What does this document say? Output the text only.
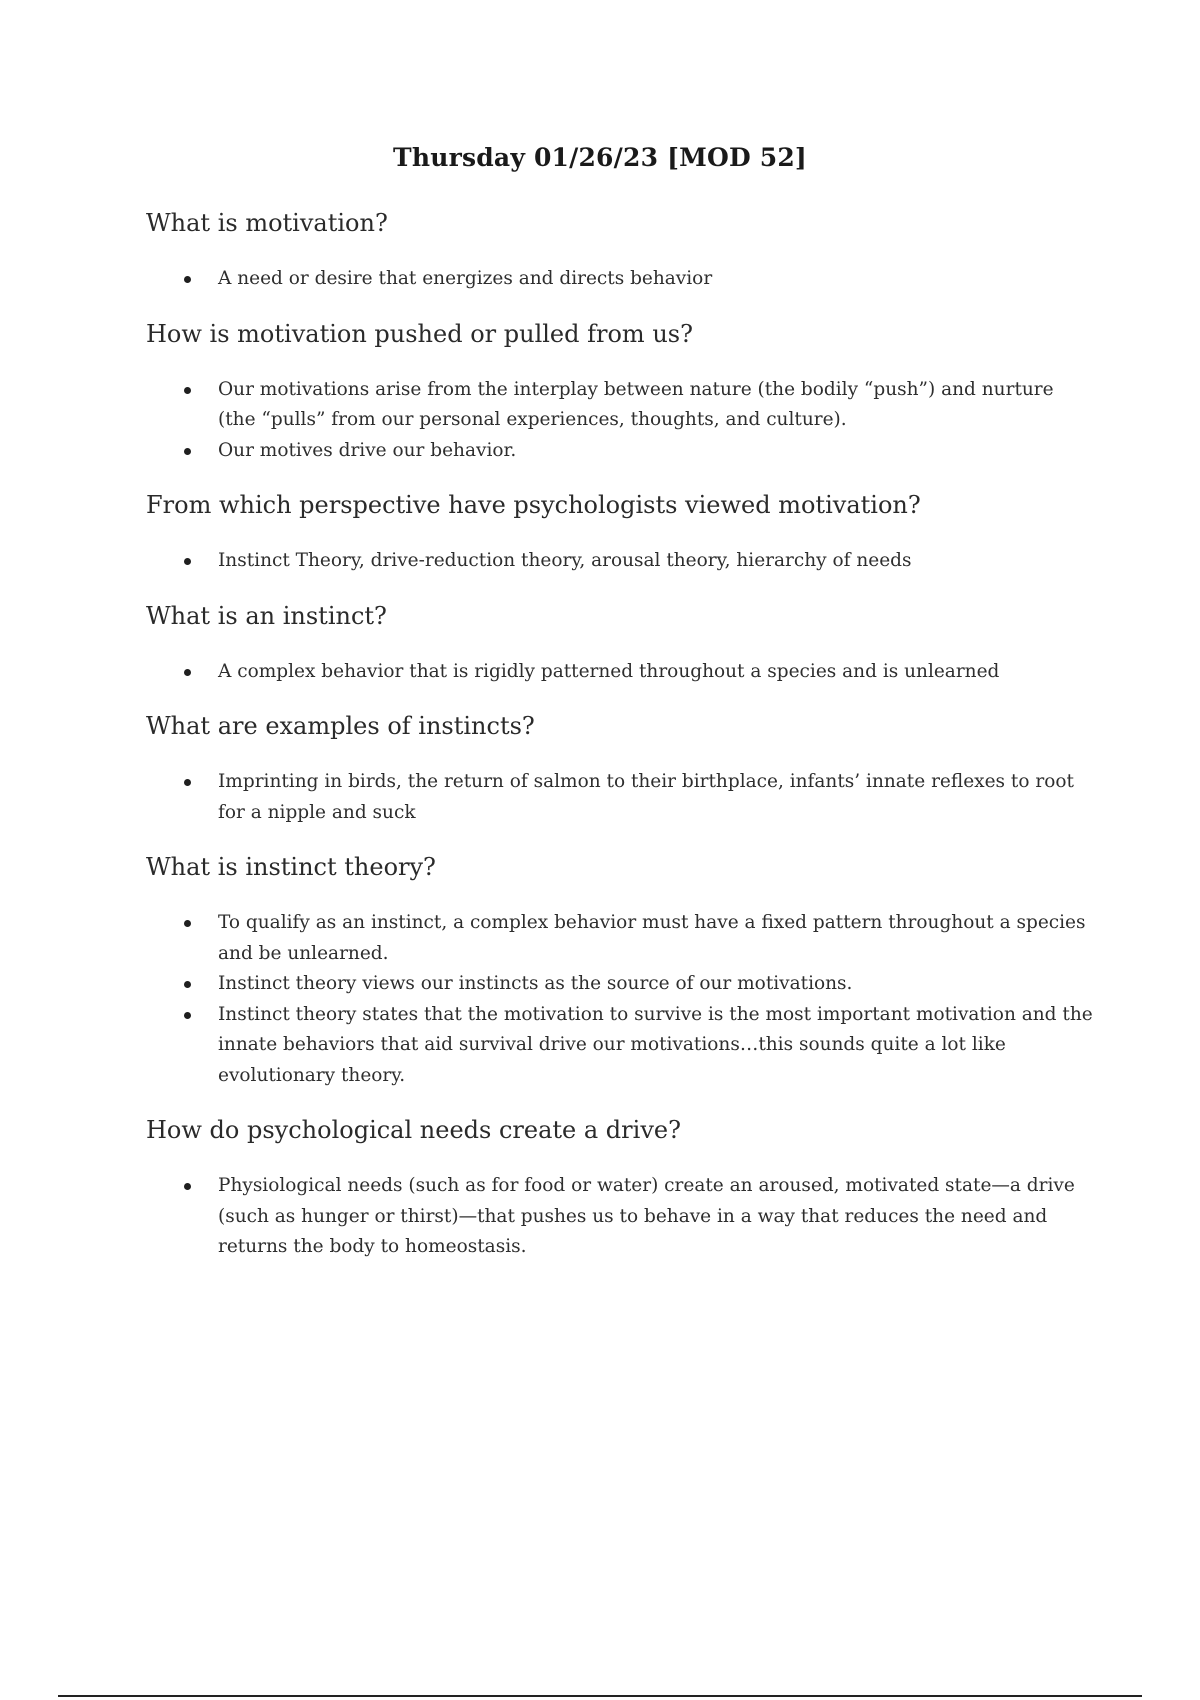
Thursday 01/26/23 [MOD 52]
What is motivation?
A need or desire that energizes and directs behavior
How is motivation pushed or pulled from us?
Our motivations arise from the interplay between nature (the bodily “push”) and nurture (the “pulls” from our personal experiences, thoughts, and culture).
Our motives drive our behavior.
From which perspective have psychologists viewed motivation?
Instinct Theory, drive-reduction theory, arousal theory, hierarchy of needs
What is an instinct?
A complex behavior that is rigidly patterned throughout a species and is unlearned
What are examples of instincts?
Imprinting in birds, the return of salmon to their birthplace, infants’ innate reflexes to root for a nipple and suck
What is instinct theory?
To qualify as an instinct, a complex behavior must have a fixed pattern throughout a species and be unlearned.
Instinct theory views our instincts as the source of our motivations.
Instinct theory states that the motivation to survive is the most important motivation and the innate behaviors that aid survival drive our motivations…this sounds quite a lot like evolutionary theory.
How do psychological needs create a drive?
Physiological needs (such as for food or water) create an aroused, motivated state—a drive (such as hunger or thirst)—that pushes us to behave in a way that reduces the need and returns the body to homeostasis.
